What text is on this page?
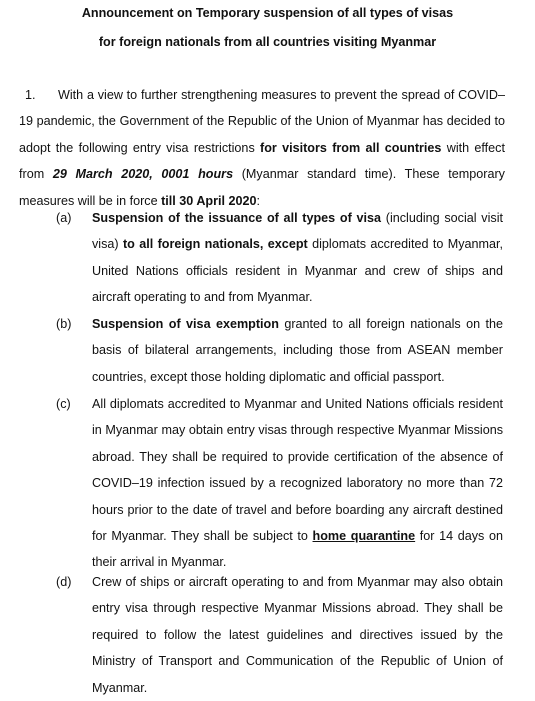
Announcement on Temporary suspension of all types of visas
for foreign nationals from all countries visiting Myanmar
1. With a view to further strengthening measures to prevent the spread of COVID–19 pandemic, the Government of the Republic of the Union of Myanmar has decided to adopt the following entry visa restrictions for visitors from all countries with effect from 29 March 2020, 0001 hours (Myanmar standard time). These temporary measures will be in force till 30 April 2020:
(a)	Suspension of the issuance of all types of visa (including social visit visa) to all foreign nationals, except diplomats accredited to Myanmar, United Nations officials resident in Myanmar and crew of ships and aircraft operating to and from Myanmar.
(b)	Suspension of visa exemption granted to all foreign nationals on the basis of bilateral arrangements, including those from ASEAN member countries, except those holding diplomatic and official passport.
(c)	All diplomats accredited to Myanmar and United Nations officials resident in Myanmar may obtain entry visas through respective Myanmar Missions abroad. They shall be required to provide certification of the absence of COVID–19 infection issued by a recognized laboratory no more than 72 hours prior to the date of travel and before boarding any aircraft destined for Myanmar. They shall be subject to home quarantine for 14 days on their arrival in Myanmar.
(d)	Crew of ships or aircraft operating to and from Myanmar may also obtain entry visa through respective Myanmar Missions abroad. They shall be required to follow the latest guidelines and directives issued by the Ministry of Transport and Communication of the Republic of Union of Myanmar.
